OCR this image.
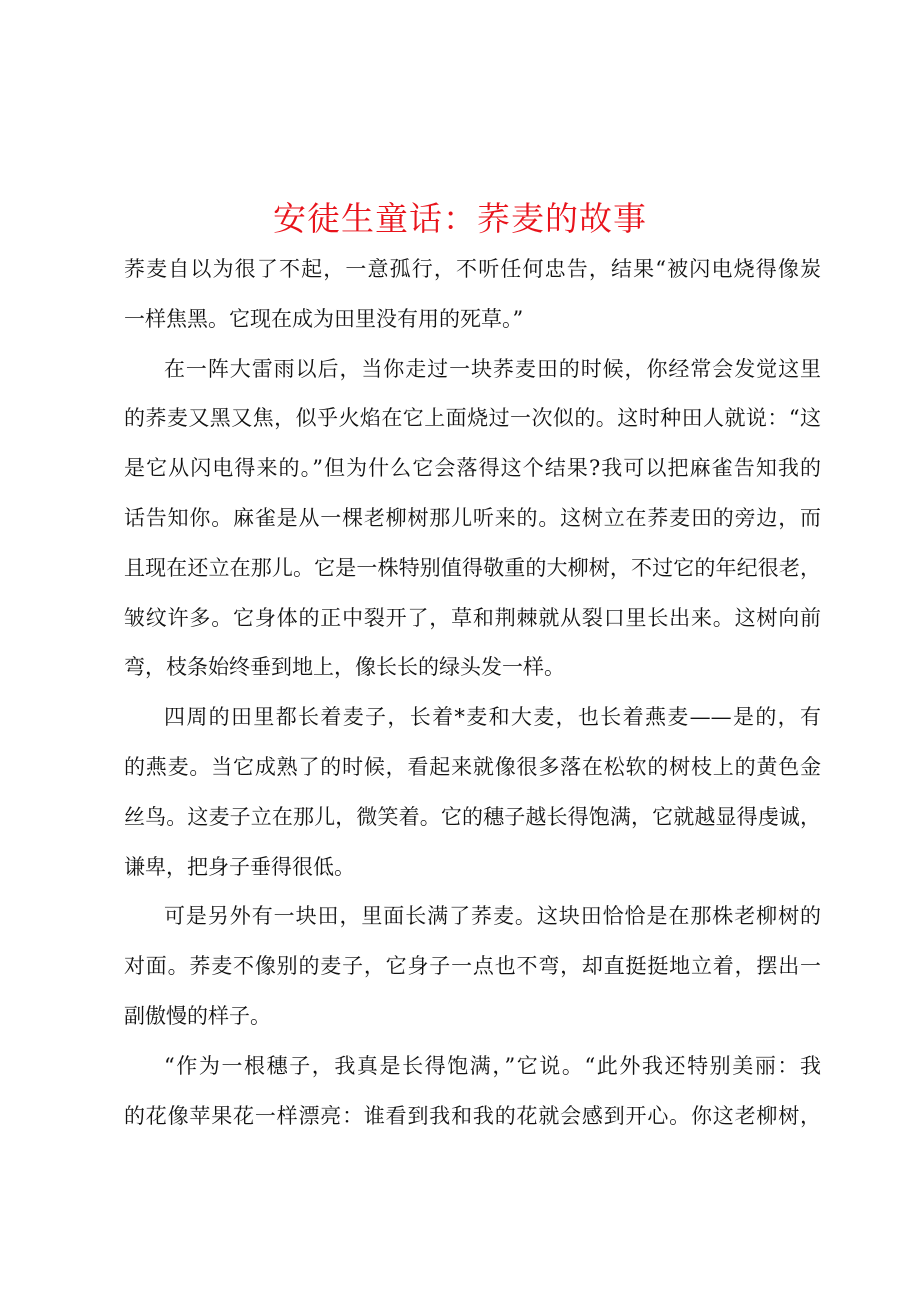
安徒生童话：荞麦的故事
荞麦自以为很了不起，一意孤行，不听任何忠告，结果“被闪电烧得像炭
一样焦黑。它现在成为田里没有用的死草。”
在一阵大雷雨以后，当你走过一块荞麦田的时候，你经常会发觉这里
的荞麦又黑又焦，似乎火焰在它上面烧过一次似的。这时种田人就说：“这
是它从闪电得来的。”但为什么它会落得这个结果?我可以把麻雀告知我的
话告知你。麻雀是从一棵老柳树那儿听来的。这树立在荞麦田的旁边，而
且现在还立在那儿。它是一株特别值得敬重的大柳树，不过它的年纪很老，
皱纹许多。它身体的正中裂开了，草和荆棘就从裂口里长出来。这树向前
弯，枝条始终垂到地上，像长长的绿头发一样。
四周的田里都长着麦子，长着*麦和大麦，也长着燕麦——是的，有
的燕麦。当它成熟了的时候，看起来就像很多落在松软的树枝上的黄色金
丝鸟。这麦子立在那儿，微笑着。它的穗子越长得饱满，它就越显得虔诚，
谦卑，把身子垂得很低。
可是另外有一块田，里面长满了荞麦。这块田恰恰是在那株老柳树的
对面。荞麦不像别的麦子，它身子一点也不弯，却直挺挺地立着，摆出一
副傲慢的样子。
“作为一根穗子，我真是长得饱满，”它说。“此外我还特别美丽：我
的花像苹果花一样漂亮：谁看到我和我的花就会感到开心。你这老柳树，
